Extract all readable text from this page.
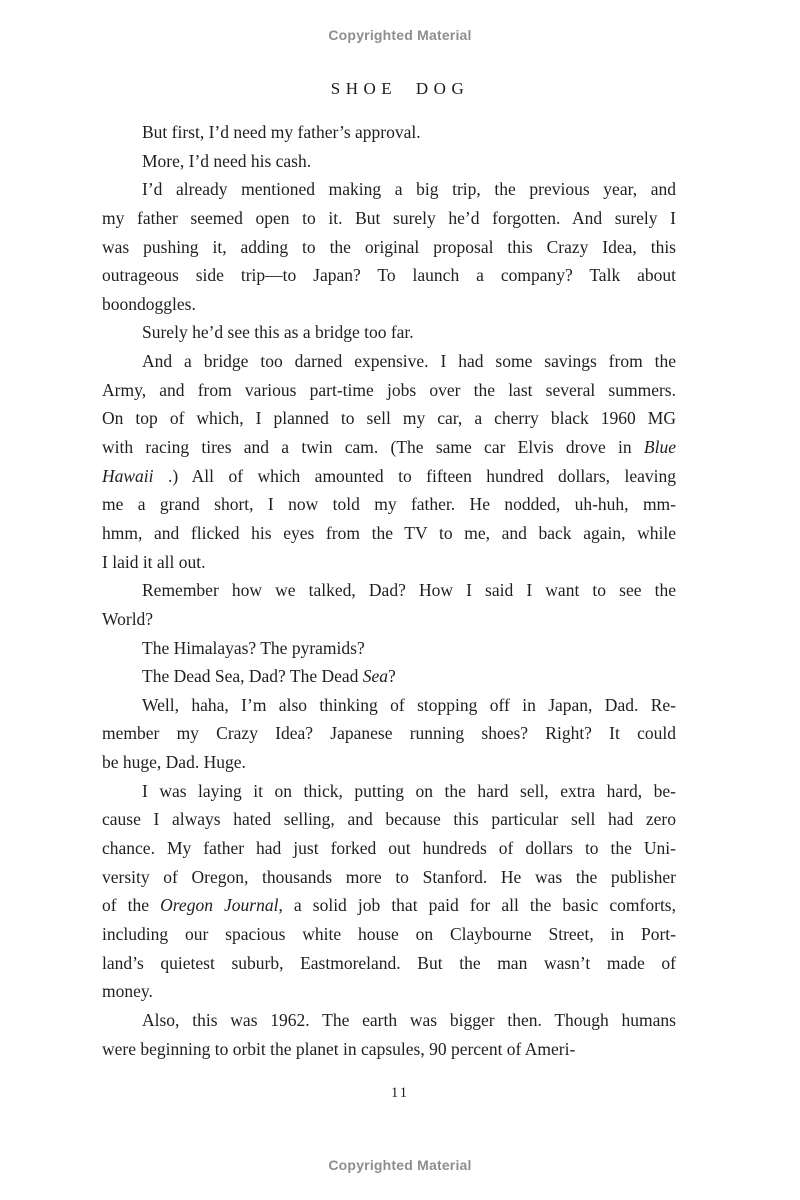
Copyrighted Material
SHOE DOG
But first, I’d need my father’s approval.
More, I’d need his cash.
I’d already mentioned making a big trip, the previous year, and
my father seemed open to it. But surely he’d forgotten. And surely I
was pushing it, adding to the original proposal this Crazy Idea, this
outrageous side trip—to Japan? To launch a company? Talk about
boondoggles.
Surely he’d see this as a bridge too far.
And a bridge too darned expensive. I had some savings from the
Army, and from various part-time jobs over the last several summers.
On top of which, I planned to sell my car, a cherry black 1960 MG
with racing tires and a twin cam. (The same car Elvis drove in Blue
Hawaii .) All of which amounted to fifteen hundred dollars, leaving
me a grand short, I now told my father. He nodded, uh-huh, mm-
hmm, and flicked his eyes from the TV to me, and back again, while
I laid it all out.
Remember how we talked, Dad? How I said I want to see the
World?
The Himalayas? The pyramids?
The Dead Sea, Dad? The Dead Sea?
Well, haha, I’m also thinking of stopping off in Japan, Dad. Re-
member my Crazy Idea? Japanese running shoes? Right? It could
be huge, Dad. Huge.
I was laying it on thick, putting on the hard sell, extra hard, be-
cause I always hated selling, and because this particular sell had zero
chance. My father had just forked out hundreds of dollars to the Uni-
versity of Oregon, thousands more to Stanford. He was the publisher
of the Oregon Journal, a solid job that paid for all the basic comforts,
including our spacious white house on Claybourne Street, in Port-
land’s quietest suburb, Eastmoreland. But the man wasn’t made of
money.
Also, this was 1962. The earth was bigger then. Though humans
were beginning to orbit the planet in capsules, 90 percent of Ameri-
11
Copyrighted Material
